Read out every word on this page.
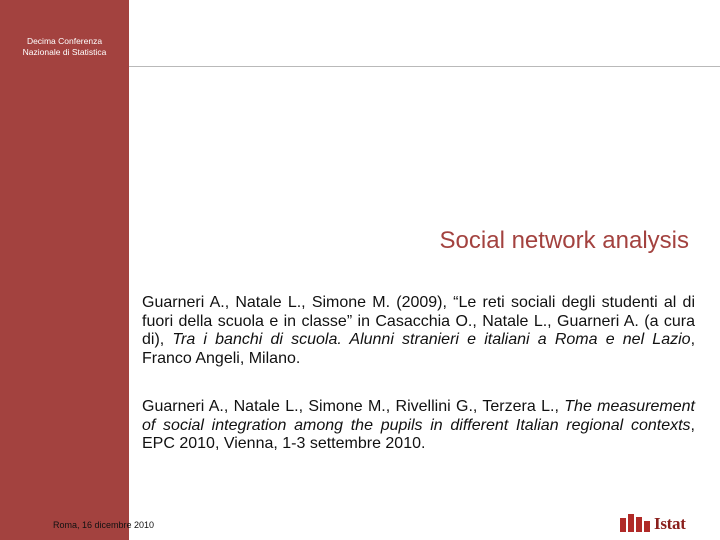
Decima Conferenza
Nazionale di Statistica
Social network analysis
Guarneri A., Natale L., Simone M. (2009), “Le reti sociali degli studenti al di fuori della scuola e in classe” in Casacchia O., Natale L., Guarneri A. (a cura di), Tra i banchi di scuola. Alunni stranieri e italiani a Roma e nel Lazio, Franco Angeli, Milano.
Guarneri A., Natale L., Simone M., Rivellini G., Terzera L., The measurement of social integration among the pupils in different Italian regional contexts, EPC 2010, Vienna, 1-3 settembre 2010.
Roma, 16 dicembre 2010	Istat
